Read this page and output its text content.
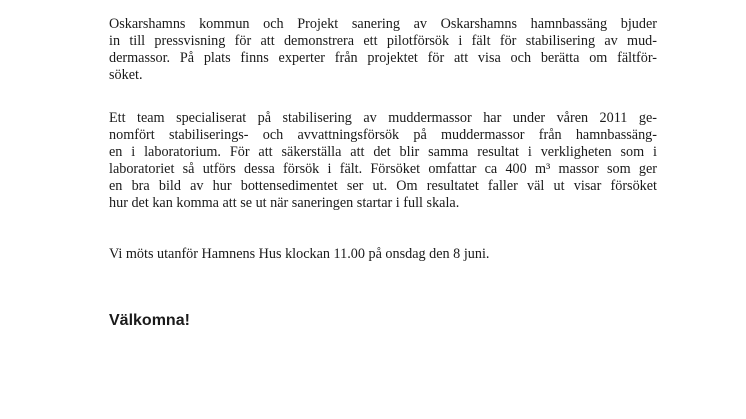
Oskarshamns kommun och Projekt sanering av Oskarshamns hamnbassäng bjuder
in till pressvisning för att demonstrera ett pilotförsök i fält för stabilisering av mud-
dermassor. På plats finns experter från projektet för att visa och berätta om fältför-
söket.

Ett team specialiserat på stabilisering av muddermassor har under våren 2011 ge-
nomfört stabiliserings- och avvattningsförsök på muddermassor från hamnbassäng-
en i laboratorium. För att säkerställa att det blir samma resultat i verkligheten som i
laboratoriet så utförs dessa försök i fält. Försöket omfattar ca 400 m³ massor som ger
en bra bild av hur bottensedimentet ser ut. Om resultatet faller väl ut visar försöket
hur det kan komma att se ut när saneringen startar i full skala.

Vi möts utanför Hamnens Hus klockan 11.00 på onsdag den 8 juni.

Välkomna!
